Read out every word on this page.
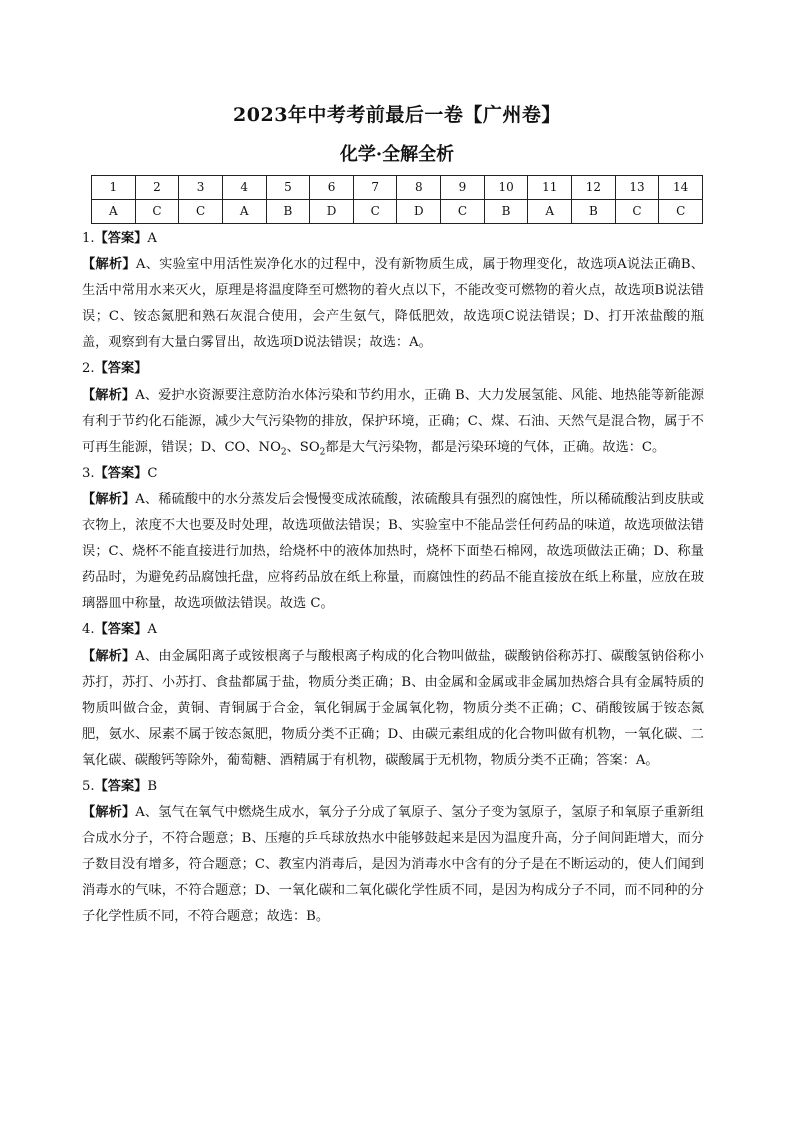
2023年中考考前最后一卷【广州卷】
化学·全解全析
1	2	3	4	5	6	7	8	9	10	11	12	13	14
A	C	C	A	B	D	C	D	C	B	A	B	C	C
1.【答案】A
【解析】A、实验室中用活性炭净化水的过程中，没有新物质生成，属于物理变化，故选项A说法正确B、生活中常用水来灭火，原理是将温度降至可燃物的着火点以下，不能改变可燃物的着火点，故选项B说法错误；C、铵态氮肥和熟石灰混合使用，会产生氨气，降低肥效，故选项C说法错误；D、打开浓盐酸的瓶盖，观察到有大量白雾冒出，故选项D说法错误；故选：A。
2.【答案】
【解析】A、爱护水资源要注意防治水体污染和节约用水，正确 B、大力发展氢能、风能、地热能等新能源有利于节约化石能源，减少大气污染物的排放，保护环境，正确；C、煤、石油、天然气是混合物，属于不可再生能源，错误；D、CO、$NO_2$、$SO_2$都是大气污染物，都是污染环境的气体，正确。故选：C。
3.【答案】C
【解析】A、稀硫酸中的水分蒸发后会慢慢变成浓硫酸，浓硫酸具有强烈的腐蚀性，所以稀硫酸沾到皮肤或衣物上，浓度不大也要及时处理，故选项做法错误；B、实验室中不能品尝任何药品的味道，故选项做法错误；C、烧杯不能直接进行加热，给烧杯中的液体加热时，烧杯下面垫石棉网，故选项做法正确；D、称量药品时，为避免药品腐蚀托盘，应将药品放在纸上称量，而腐蚀性的药品不能直接放在纸上称量，应放在玻璃器皿中称量，故选项做法错误。故选 C。
4.【答案】A
【解析】A、由金属阳离子或铵根离子与酸根离子构成的化合物叫做盐，碳酸钠俗称苏打、碳酸氢钠俗称小苏打，苏打、小苏打、食盐都属于盐，物质分类正确；B、由金属和金属或非金属加热熔合具有金属特质的物质叫做合金，黄铜、青铜属于合金，氧化铜属于金属氧化物，物质分类不正确；C、硝酸铵属于铵态氮肥，氨水、尿素不属于铵态氮肥，物质分类不正确；D、由碳元素组成的化合物叫做有机物，一氧化碳、二氧化碳、碳酸钙等除外，葡萄糖、酒精属于有机物，碳酸属于无机物，物质分类不正确；答案：A。
5.【答案】B
【解析】A、氢气在氧气中燃烧生成水，氧分子分成了氧原子、氢分子变为氢原子，氢原子和氧原子重新组合成水分子，不符合题意；B、压瘪的乒乓球放热水中能够鼓起来是因为温度升高，分子间间距增大，而分子数目没有增多，符合题意；C、教室内消毒后，是因为消毒水中含有的分子是在不断运动的，使人们闻到消毒水的气味，不符合题意；D、一氧化碳和二氧化碳化学性质不同，是因为构成分子不同，而不同种的分子化学性质不同，不符合题意；故选：B。
